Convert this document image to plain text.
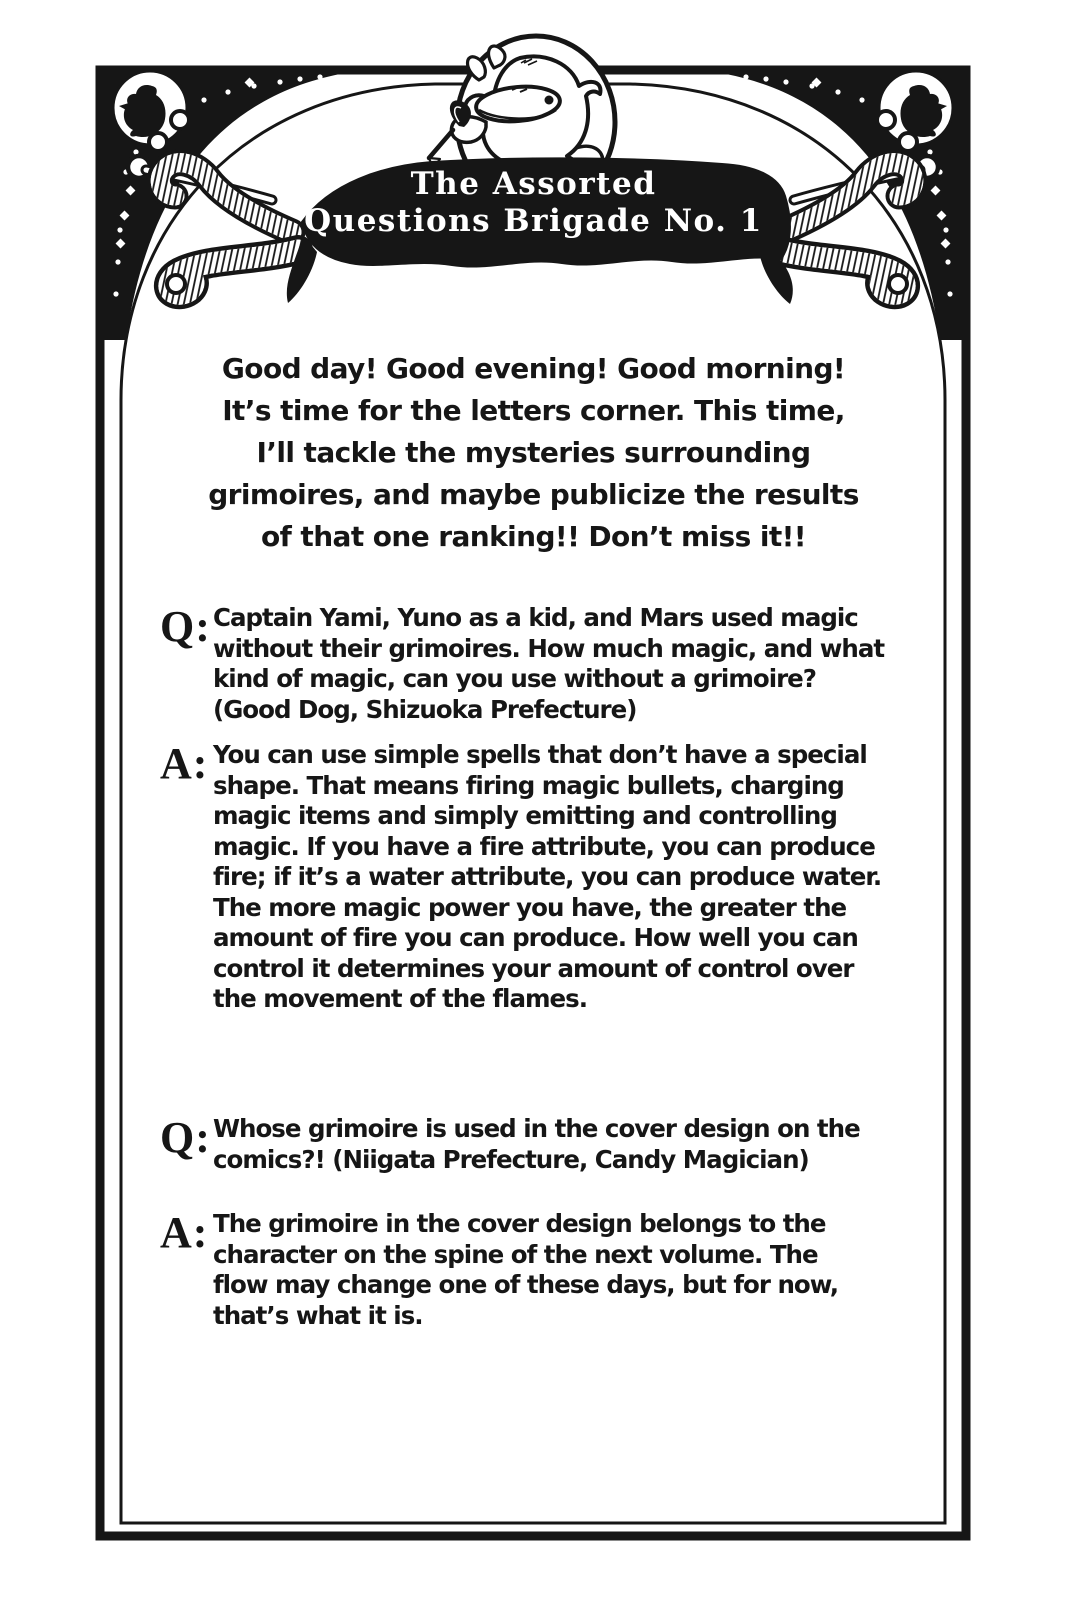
The Assorted
Questions Brigade No. 1
Good day! Good evening! Good morning!
It’s time for the letters corner. This time,
I’ll tackle the mysteries surrounding
grimoires, and maybe publicize the results
of that one ranking!! Don’t miss it!!
Q: Captain Yami, Yuno as a kid, and Mars used magic
without their grimoires. How much magic, and what
kind of magic, can you use without a grimoire?
(Good Dog, Shizuoka Prefecture)
A: You can use simple spells that don’t have a special
shape. That means firing magic bullets, charging
magic items and simply emitting and controlling
magic. If you have a fire attribute, you can produce
fire; if it’s a water attribute, you can produce water.
The more magic power you have, the greater the
amount of fire you can produce. How well you can
control it determines your amount of control over
the movement of the flames.
Q: Whose grimoire is used in the cover design on the
comics?! (Niigata Prefecture, Candy Magician)
A: The grimoire in the cover design belongs to the
character on the spine of the next volume. The
flow may change one of these days, but for now,
that’s what it is.
